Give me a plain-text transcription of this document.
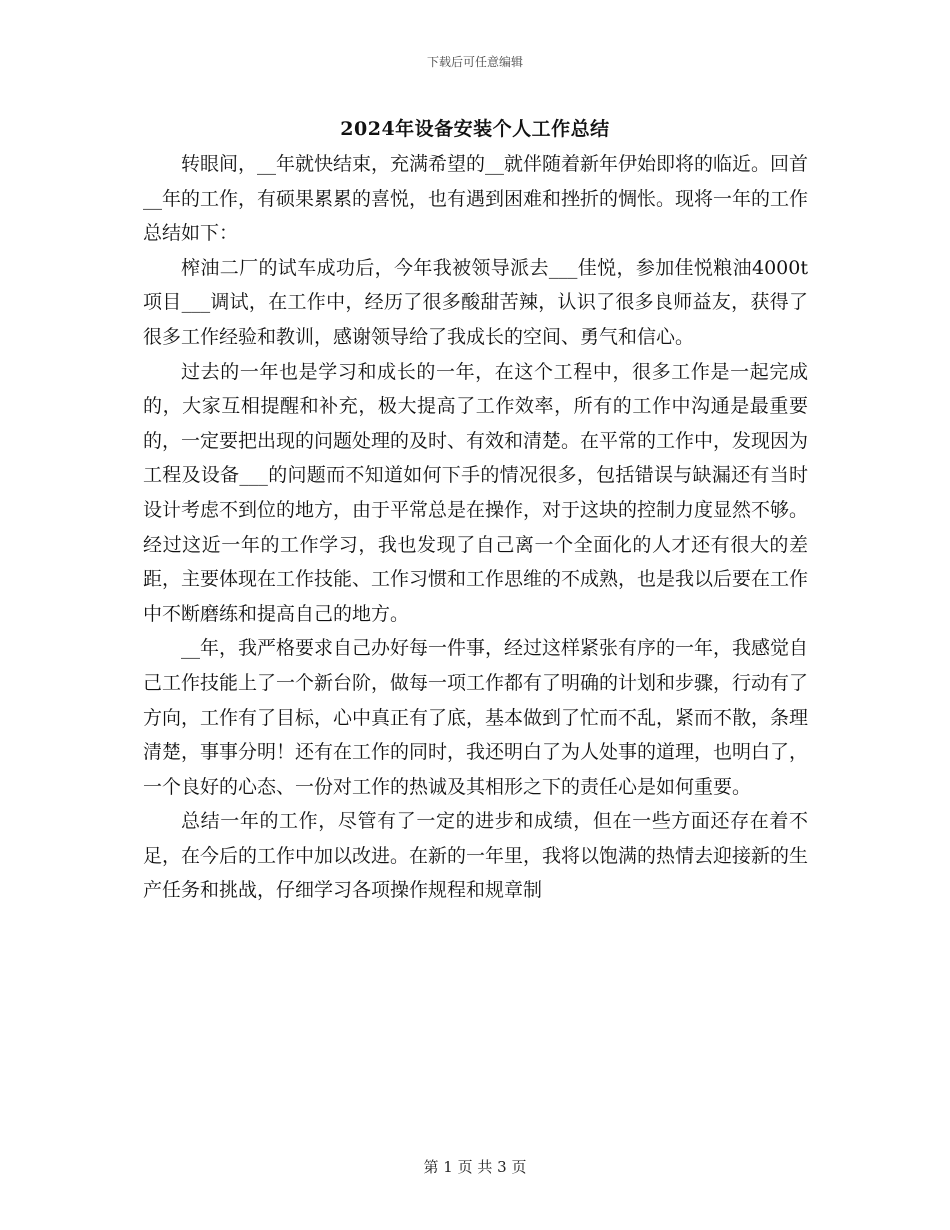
下载后可任意编辑
2024年设备安装个人工作总结

转眼间，__年就快结束，充满希望的__就伴随着新年伊始即将的临近。回首__年的工作，有硕果累累的喜悦，也有遇到困难和挫折的惆怅。现将一年的工作总结如下：

榨油二厂的试车成功后，今年我被领导派去___佳悦，参加佳悦粮油4000t项目___调试，在工作中，经历了很多酸甜苦辣，认识了很多良师益友，获得了很多工作经验和教训，感谢领导给了我成长的空间、勇气和信心。

过去的一年也是学习和成长的一年，在这个工程中，很多工作是一起完成的，大家互相提醒和补充，极大提高了工作效率，所有的工作中沟通是最重要的，一定要把出现的问题处理的及时、有效和清楚。在平常的工作中，发现因为工程及设备___的问题而不知道如何下手的情况很多，包括错误与缺漏还有当时设计考虑不到位的地方，由于平常总是在操作，对于这块的控制力度显然不够。经过这近一年的工作学习，我也发现了自己离一个全面化的人才还有很大的差距，主要体现在工作技能、工作习惯和工作思维的不成熟，也是我以后要在工作中不断磨练和提高自己的地方。

__年，我严格要求自己办好每一件事，经过这样紧张有序的一年，我感觉自己工作技能上了一个新台阶，做每一项工作都有了明确的计划和步骤，行动有了方向，工作有了目标，心中真正有了底，基本做到了忙而不乱，紧而不散，条理清楚，事事分明！还有在工作的同时，我还明白了为人处事的道理，也明白了，一个良好的心态、一份对工作的热诚及其相形之下的责任心是如何重要。

总结一年的工作，尽管有了一定的进步和成绩，但在一些方面还存在着不足，在今后的工作中加以改进。在新的一年里，我将以饱满的热情去迎接新的生产任务和挑战，仔细学习各项操作规程和规章制

第 1 页 共 3 页
